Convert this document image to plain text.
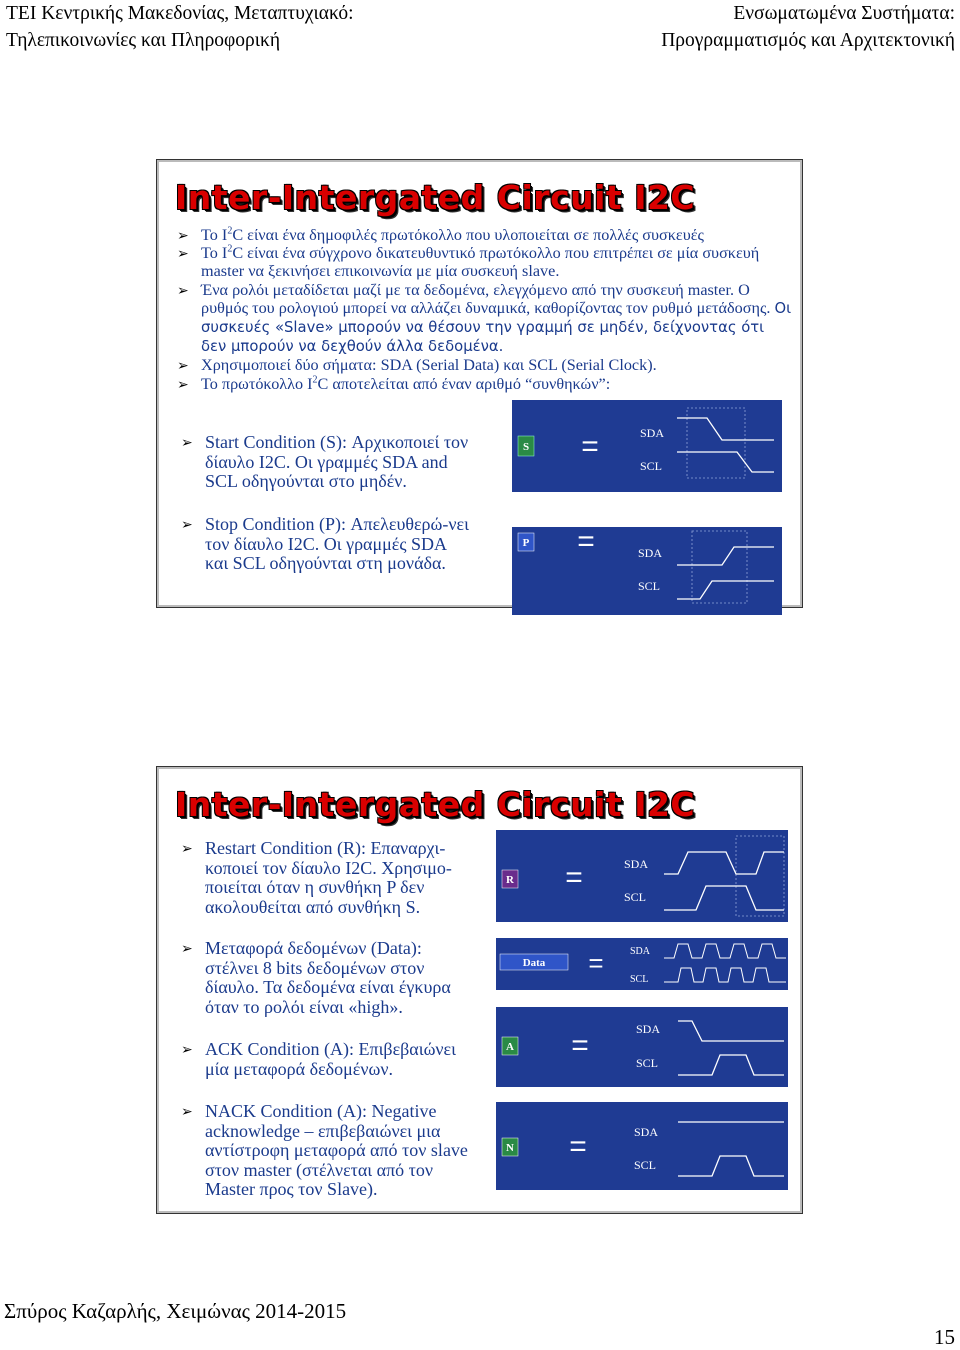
ΤΕΙ Κεντρικής Μακεδονίας, Μεταπτυχιακό:
Τηλεπικοινωνίες και Πληροφορική
Ενσωματωμένα Συστήματα:
Προγραμματισμός και Αρχιτεκτονική
Inter-Intergated Circuit I2C
➢ Το $I^2C$ είναι ένα δημοφιλές πρωτόκολλο που υλοποιείται σε πολλές συσκευές
➢ Το $I^2C$ είναι ένα σύγχρονο δικατευθυντικό πρωτόκολλο που επιτρέπει σε μία συσκευή master να ξεκινήσει επικοινωνία με μία συσκευή slave.
➢ Ένα ρολόι μεταδίδεται μαζί με τα δεδομένα, ελεγχόμενο από την συσκευή master. Ο ρυθμός του ρολογιού μπορεί να αλλάζει δυναμικά, καθορίζοντας τον ρυθμό μετάδοσης. Οι συσκευές «Slave» μπορούν να θέσουν την γραμμή σε μηδέν, δείχνοντας ότι δεν μπορούν να δεχθούν άλλα δεδομένα.
➢ Χρησιμοποιεί δύο σήματα: SDA (Serial Data) και SCL (Serial Clock).
➢ Το πρωτόκολλο $I^2C$ αποτελείται από έναν αριθμό “συνθηκών”:
➢ Start Condition (S): Αρχικοποιεί τον δίαυλο I2C. Οι γραμμές SDA and SCL οδηγούνται στο μηδέν.
➢ Stop Condition (P): Απελευθερώ-νει τον δίαυλο I2C. Οι γραμμές SDA και SCL οδηγούνται στη μονάδα.
S =	SDA
SCL
P =	SDA
SCL
Inter-Intergated Circuit I2C
➢ Restart Condition (R): Επαναρχι-κοποιεί τον δίαυλο I2C. Χρησιμο-ποιείται όταν η συνθήκη P δεν ακολουθείται από συνθήκη S.
➢ Μεταφορά δεδομένων (Data): στέλνει 8 bits δεδομένων στον δίαυλο. Τα δεδομένα είναι έγκυρα όταν το ρολόι είναι «high».
➢ ACK Condition (A): Επιβεβαιώνει μία μεταφορά δεδομένων.
➢ NACK Condition (A): Negative acknowledge – επιβεβαιώνει μια αντίστροφη μεταφορά από τον slave στον master (στέλνεται από τον Master προς τον Slave).
R =	SDA
SCL
Data =	SDA
SCL
A =	SDA
SCL
N =	SDA
SCL
Σπύρος Καζαρλής, Χειμώνας 2014-2015
15
